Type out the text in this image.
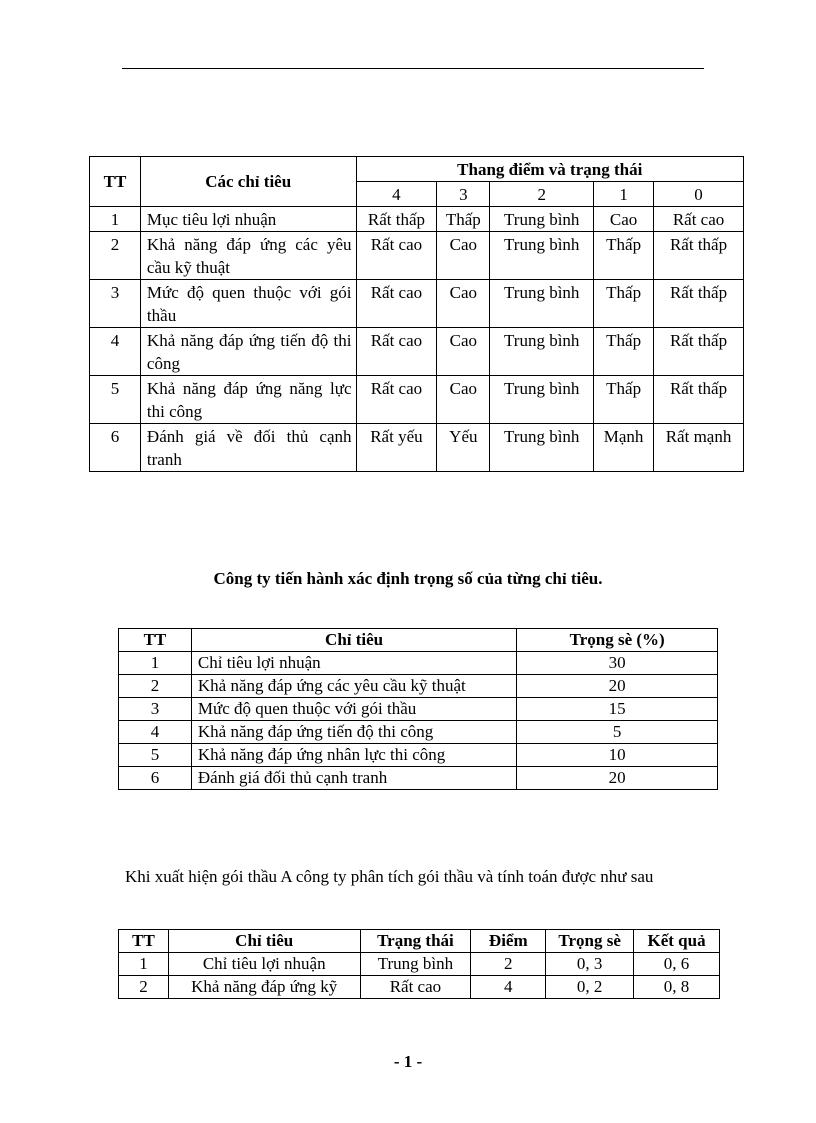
TT	Các chỉ tiêu	Thang điểm và trạng thái				
		4	3	2	1	0
1	Mục tiêu lợi nhuận	Rất thấp	Thấp	Trung bình	Cao	Rất cao
2	Khả năng đáp ứng các yêu cầu kỹ thuật	Rất cao	Cao	Trung bình	Thấp	Rất thấp
3	Mức độ quen thuộc với gói thầu	Rất cao	Cao	Trung bình	Thấp	Rất thấp
4	Khả năng đáp ứng tiến độ thi công	Rất cao	Cao	Trung bình	Thấp	Rất thấp
5	Khả năng đáp ứng năng lực thi công	Rất cao	Cao	Trung bình	Thấp	Rất thấp
6	Đánh giá về đối thủ cạnh tranh	Rất yếu	Yếu	Trung bình	Mạnh	Rất mạnh
Công ty tiến hành xác định trọng số của từng chỉ tiêu.
TT	Chỉ tiêu	Trọng sè (%)
1	Chỉ tiêu lợi nhuận	30
2	Khả năng đáp ứng các yêu cầu kỹ thuật	20
3	Mức độ quen thuộc với gói thầu	15
4	Khả năng đáp ứng tiến độ thi công	5
5	Khả năng đáp ứng nhân lực thi công	10
6	Đánh giá đối thủ cạnh tranh	20
Khi xuất hiện gói thầu A công ty phân tích gói thầu và tính toán được như sau
TT	Chỉ tiêu	Trạng thái	Điểm	Trọng sè	Kết quả
1	Chỉ tiêu lợi nhuận	Trung bình	2	0, 3	0, 6
2	Khả năng đáp ứng kỹ	Rất cao	4	0, 2	0, 8
- 1 -
